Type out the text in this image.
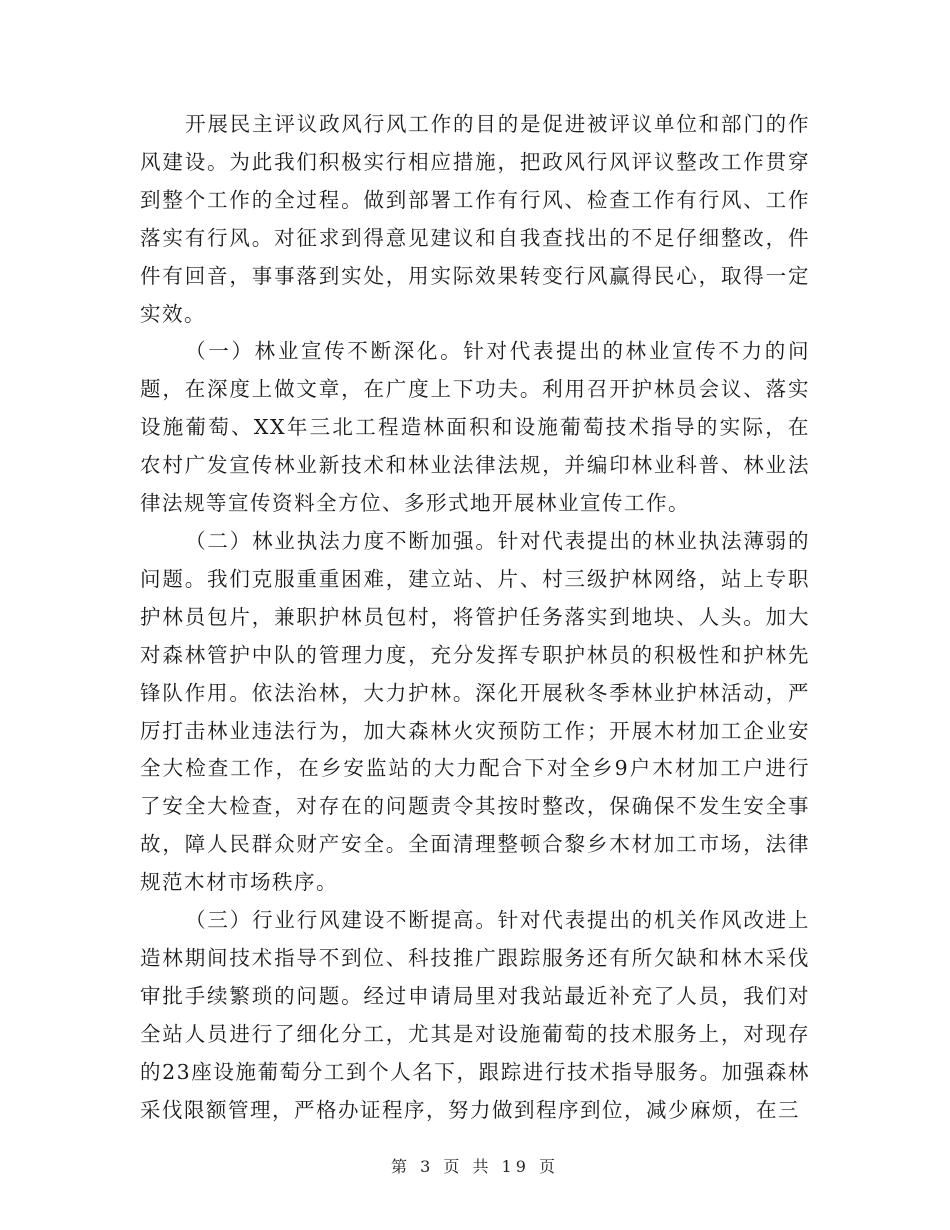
开展民主评议政风行风工作的目的是促进被评议单位和部门的作风建设。为此我们积极实行相应措施，把政风行风评议整改工作贯穿到整个工作的全过程。做到部署工作有行风、检查工作有行风、工作落实有行风。对征求到得意见建议和自我查找出的不足仔细整改，件件有回音，事事落到实处，用实际效果转变行风赢得民心，取得一定实效。

（一）林业宣传不断深化。针对代表提出的林业宣传不力的问题，在深度上做文章，在广度上下功夫。利用召开护林员会议、落实设施葡萄、XX年三北工程造林面积和设施葡萄技术指导的实际，在农村广发宣传林业新技术和林业法律法规，并编印林业科普、林业法律法规等宣传资料全方位、多形式地开展林业宣传工作。

（二）林业执法力度不断加强。针对代表提出的林业执法薄弱的问题。我们克服重重困难，建立站、片、村三级护林网络，站上专职护林员包片，兼职护林员包村，将管护任务落实到地块、人头。加大对森林管护中队的管理力度，充分发挥专职护林员的积极性和护林先锋队作用。依法治林，大力护林。深化开展秋冬季林业护林活动，严厉打击林业违法行为，加大森林火灾预防工作；开展木材加工企业安全大检查工作，在乡安监站的大力配合下对全乡9户木材加工户进行了安全大检查，对存在的问题责令其按时整改，保确保不发生安全事故，障人民群众财产安全。全面清理整顿合黎乡木材加工市场，法律规范木材市场秩序。

（三）行业行风建设不断提高。针对代表提出的机关作风改进上造林期间技术指导不到位、科技推广跟踪服务还有所欠缺和林木采伐审批手续繁琐的问题。经过申请局里对我站最近补充了人员，我们对全站人员进行了细化分工，尤其是对设施葡萄的技术服务上，对现存的23座设施葡萄分工到个人名下，跟踪进行技术指导服务。加强森林采伐限额管理，严格办证程序，努力做到程序到位，减少麻烦，在三

第 3 页 共 19 页
